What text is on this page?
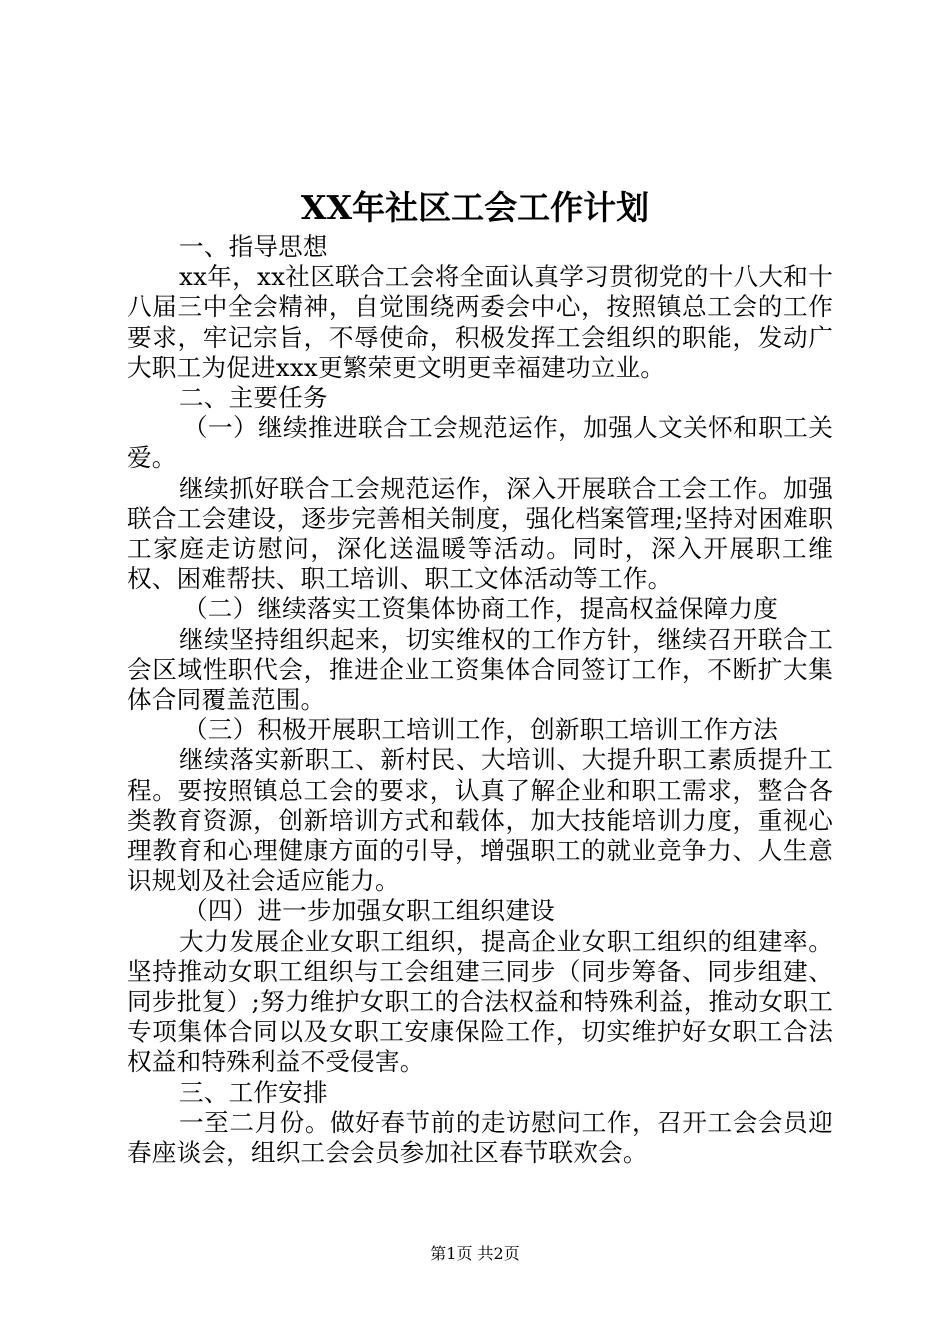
XX年社区工会工作计划

一、指导思想

xx年，xx社区联合工会将全面认真学习贯彻党的十八大和十八届三中全会精神，自觉围绕两委会中心，按照镇总工会的工作要求，牢记宗旨，不辱使命，积极发挥工会组织的职能，发动广大职工为促进xxx更繁荣更文明更幸福建功立业。

二、主要任务

（一）继续推进联合工会规范运作，加强人文关怀和职工关爱。

继续抓好联合工会规范运作，深入开展联合工会工作。加强联合工会建设，逐步完善相关制度，强化档案管理;坚持对困难职工家庭走访慰问，深化送温暖等活动。同时，深入开展职工维权、困难帮扶、职工培训、职工文体活动等工作。

（二）继续落实工资集体协商工作，提高权益保障力度

继续坚持组织起来，切实维权的工作方针，继续召开联合工会区域性职代会，推进企业工资集体合同签订工作，不断扩大集体合同覆盖范围。

（三）积极开展职工培训工作，创新职工培训工作方法

继续落实新职工、新村民、大培训、大提升职工素质提升工程。要按照镇总工会的要求，认真了解企业和职工需求，整合各类教育资源，创新培训方式和载体，加大技能培训力度，重视心理教育和心理健康方面的引导，增强职工的就业竞争力、人生意识规划及社会适应能力。

（四）进一步加强女职工组织建设

大力发展企业女职工组织，提高企业女职工组织的组建率。坚持推动女职工组织与工会组建三同步（同步筹备、同步组建、同步批复）;努力维护女职工的合法权益和特殊利益，推动女职工专项集体合同以及女职工安康保险工作，切实维护好女职工合法权益和特殊利益不受侵害。

三、工作安排

一至二月份。做好春节前的走访慰问工作，召开工会会员迎春座谈会，组织工会会员参加社区春节联欢会。

第1页 共2页
